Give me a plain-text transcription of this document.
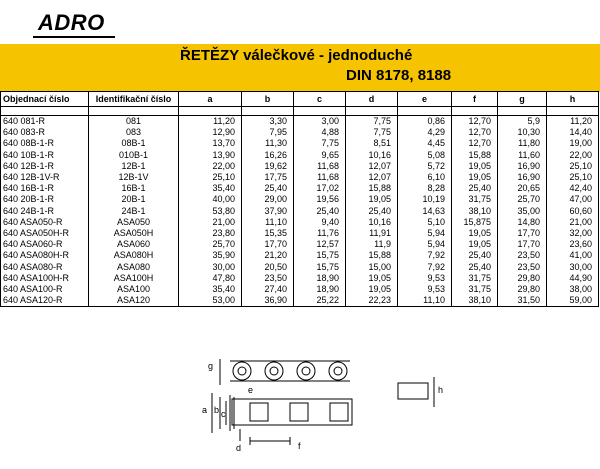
ADRO
ŘETĚZY válečkové - jednoduché
DIN 8178, 8188
Objednací číslo	Identifikační číslo	a	b	c	d	e	f	g	h

640 081-R	081	11,20	3,30	3,00	7,75	0,86	12,70	5,9	11,20
640 083-R	083	12,90	7,95	4,88	7,75	4,29	12,70	10,30	14,40
640 08B-1-R	08B-1	13,70	11,30	7,75	8,51	4,45	12,70	11,80	19,00
640 10B-1-R	010B-1	13,90	16,26	9,65	10,16	5,08	15,88	11,60	22,00
640 12B-1-R	12B-1	22,00	19,62	11,68	12,07	5,72	19,05	16,90	25,10
640 12B-1V-R	12B-1V	25,10	17,75	11,68	12,07	6,10	19,05	16,90	25,10
640 16B-1-R	16B-1	35,40	25,40	17,02	15,88	8,28	25,40	20,65	42,40
640 20B-1-R	20B-1	40,00	29,00	19,56	19,05	10,19	31,75	25,70	47,00
640 24B-1-R	24B-1	53,80	37,90	25,40	25,40	14,63	38,10	35,00	60,60
640 ASA050-R	ASA050	21,00	11,10	9,40	10,16	5,10	15,875	14,80	21,00
640 ASA050H-R	ASA050H	23,80	15,35	11,76	11,91	5,94	19,05	17,70	32,00
640 ASA060-R	ASA060	25,70	17,70	12,57	11,9	5,94	19,05	17,70	23,60
640 ASA080H-R	ASA080H	35,90	21,20	15,75	15,88	7,92	25,40	23,50	41,00
640 ASA080-R	ASA080	30,00	20,50	15,75	15,00	7,92	25,40	23,50	30,00
640 ASA100H-R	ASA100H	47,80	23,50	18,90	19,05	9,53	31,75	29,80	44,90
640 ASA100-R	ASA100	35,40	27,40	18,90	19,05	9,53	31,75	29,80	38,00
640 ASA120-R	ASA120	53,00	36,90	25,22	22,23	11,10	38,10	31,50	59,00
g
a b c
d
e
f
h
